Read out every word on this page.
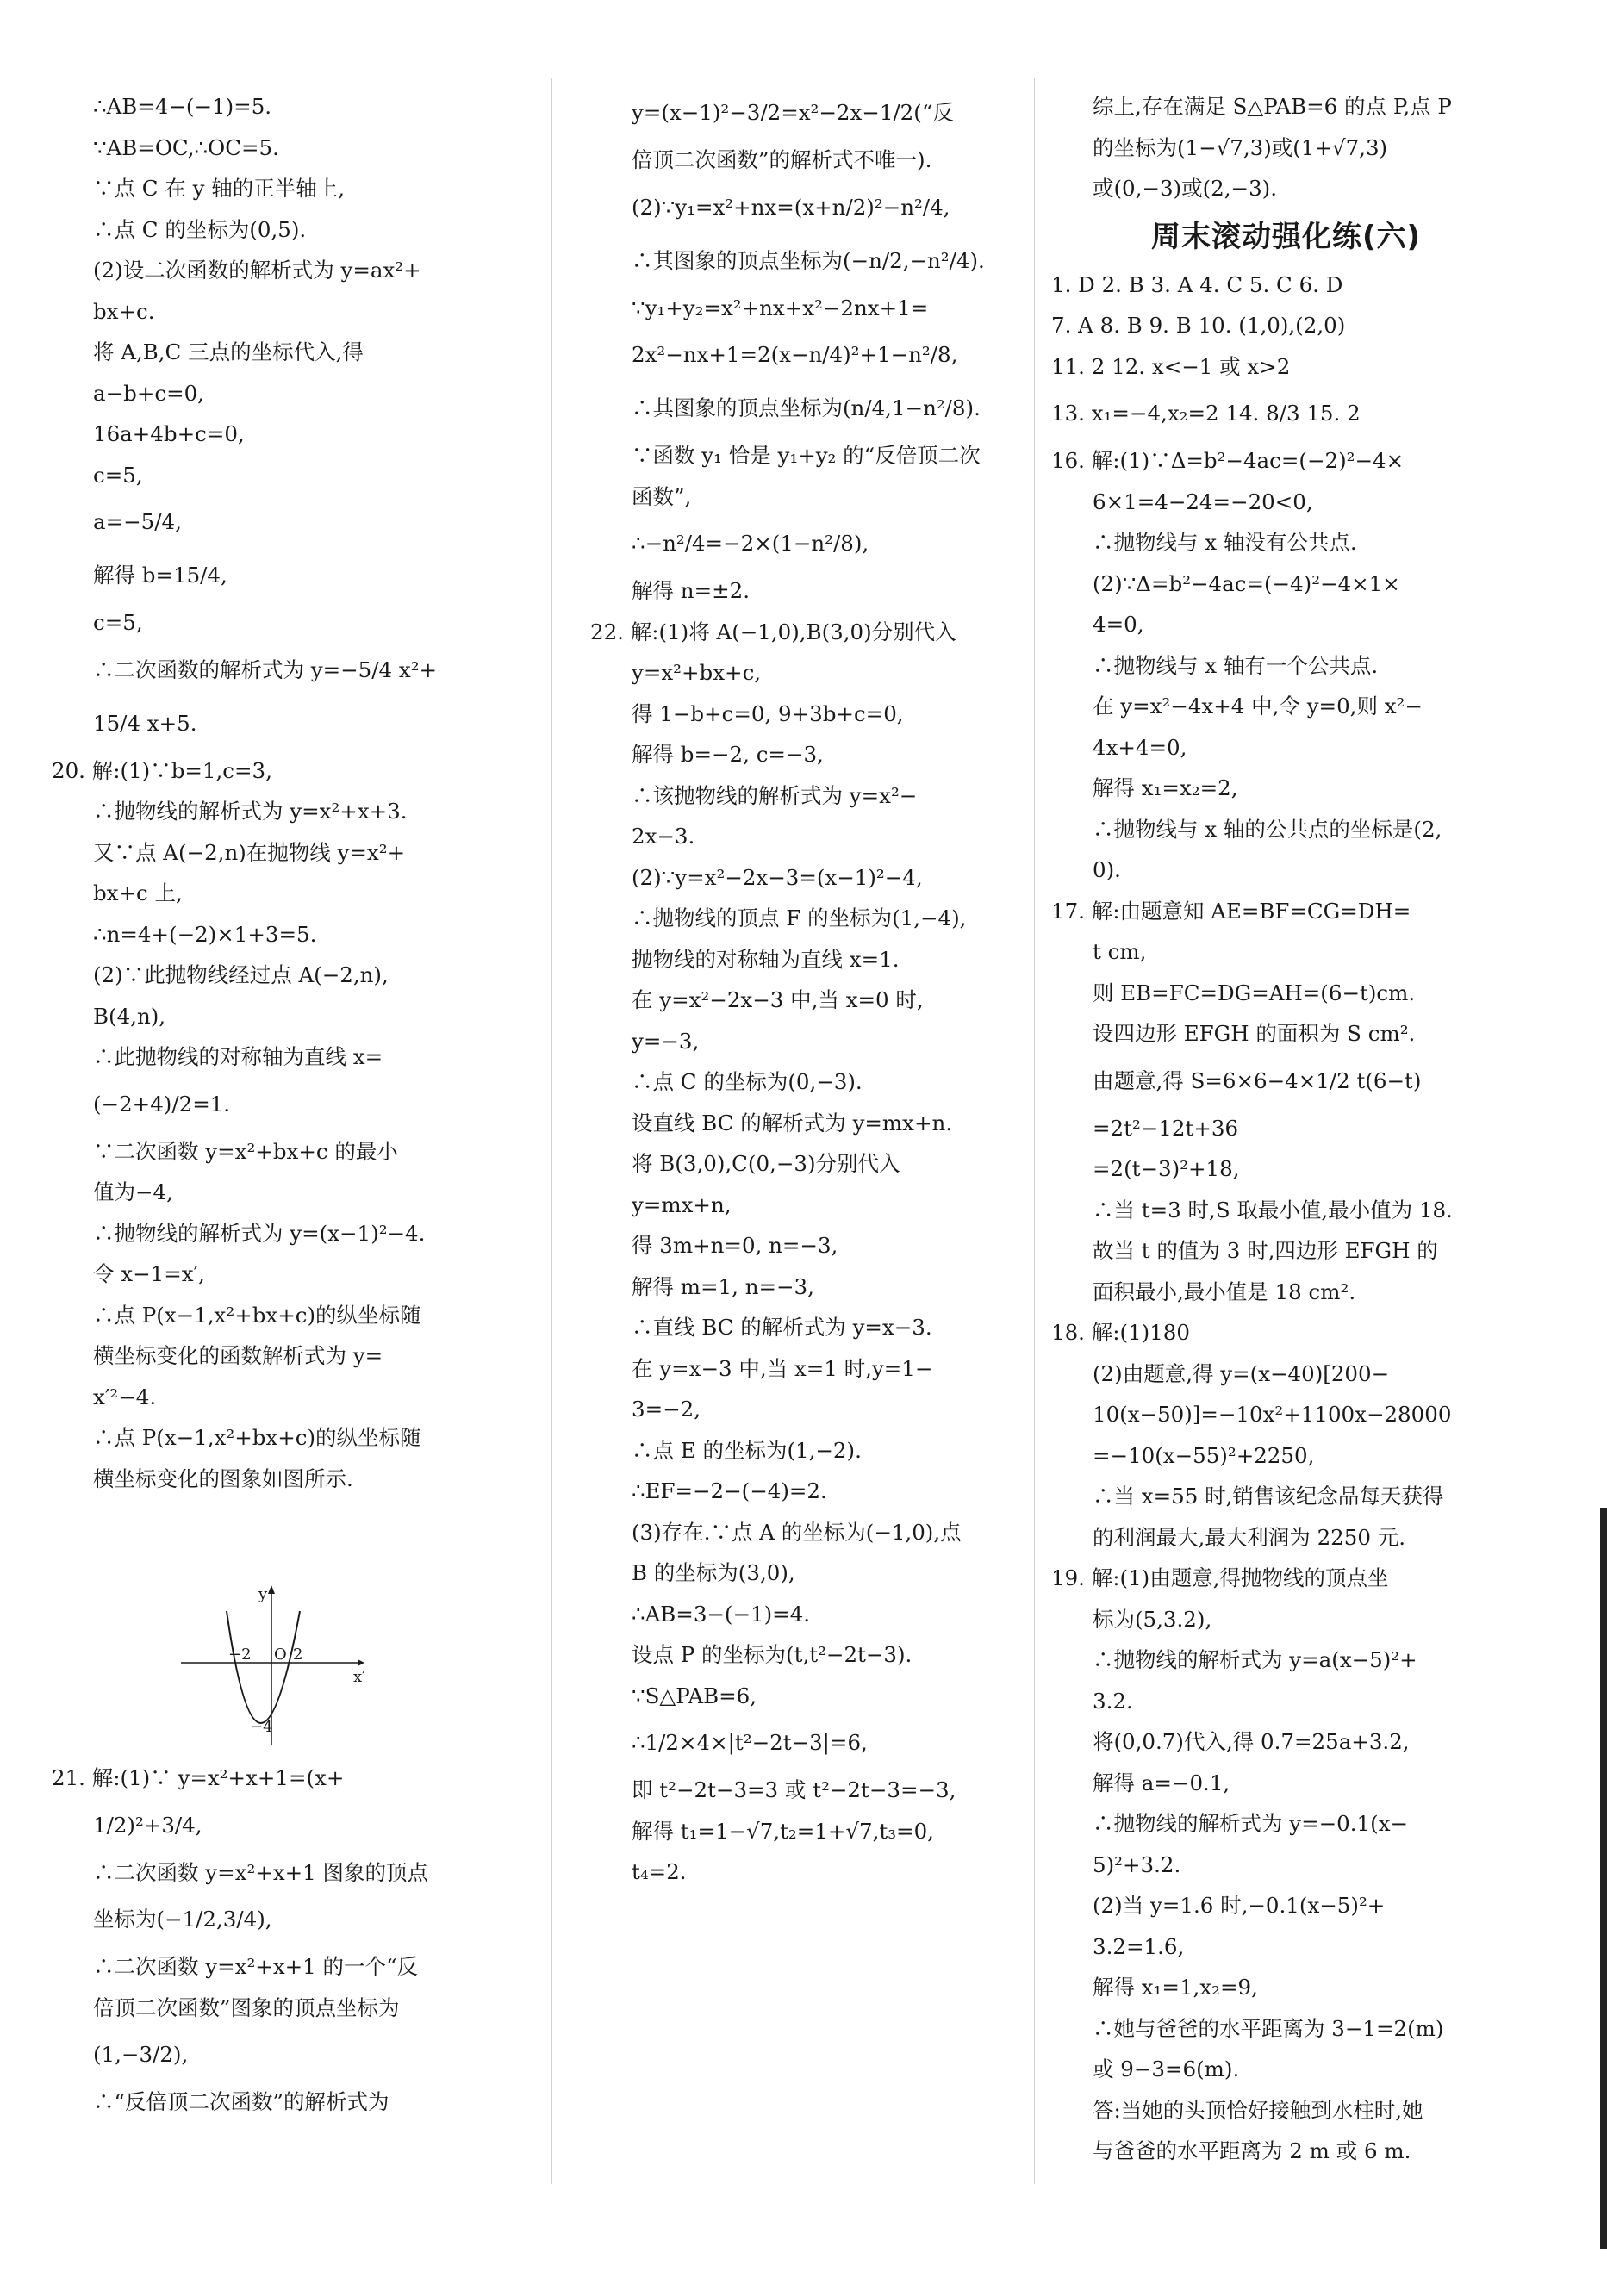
∴AB=4−(−1)=5.
∵AB=OC,∴OC=5.
∵点 C 在 y 轴的正半轴上,
∴点 C 的坐标为(0,5).
(2)设二次函数的解析式为 y=ax²+
bx+c.
将 A,B,C 三点的坐标代入,得
a−b+c=0,
16a+4b+c=0,
c=5,
a=−5/4,
解得 b=15/4,
c=5,
∴二次函数的解析式为 y=−5/4 x²+
15/4 x+5.
20. 解:(1)∵b=1,c=3,
∴抛物线的解析式为 y=x²+x+3.
又∵点 A(−2,n)在抛物线 y=x²+
bx+c 上,
∴n=4+(−2)×1+3=5.
(2)∵此抛物线经过点 A(−2,n),
B(4,n),
∴此抛物线的对称轴为直线 x=
(−2+4)/2=1.
∵二次函数 y=x²+bx+c 的最小
值为−4,
∴抛物线的解析式为 y=(x−1)²−4.
令 x−1=x′,
∴点 P(x−1,x²+bx+c)的纵坐标随
横坐标变化的函数解析式为 y=
x′²−4.
∴点 P(x−1,x²+bx+c)的纵坐标随
横坐标变化的图象如图所示.
y
x′
O
−2	2
−4
21. 解:(1)∵ y=x²+x+1=(x+
1/2)²+3/4,
∴二次函数 y=x²+x+1 图象的顶点
坐标为(−1/2,3/4),
∴二次函数 y=x²+x+1 的一个“反
倍顶二次函数”图象的顶点坐标为
(1,−3/2),
∴“反倍顶二次函数”的解析式为
y=(x−1)²−3/2=x²−2x−1/2(“反
倍顶二次函数”的解析式不唯一).
(2)∵y₁=x²+nx=(x+n/2)²−n²/4,
∴其图象的顶点坐标为(−n/2,−n²/4).
∵y₁+y₂=x²+nx+x²−2nx+1=
2x²−nx+1=2(x−n/4)²+1−n²/8,
∴其图象的顶点坐标为(n/4,1−n²/8).
∵函数 y₁ 恰是 y₁+y₂ 的“反倍顶二次
函数”,
∴−n²/4=−2×(1−n²/8),
解得 n=±2.
22. 解:(1)将 A(−1,0),B(3,0)分别代入
y=x²+bx+c,
得 1−b+c=0, 9+3b+c=0,
解得 b=−2, c=−3,
∴该抛物线的解析式为 y=x²−
2x−3.
(2)∵y=x²−2x−3=(x−1)²−4,
∴抛物线的顶点 F 的坐标为(1,−4),
抛物线的对称轴为直线 x=1.
在 y=x²−2x−3 中,当 x=0 时,
y=−3,
∴点 C 的坐标为(0,−3).
设直线 BC 的解析式为 y=mx+n.
将 B(3,0),C(0,−3)分别代入
y=mx+n,
得 3m+n=0, n=−3,
解得 m=1, n=−3,
∴直线 BC 的解析式为 y=x−3.
在 y=x−3 中,当 x=1 时,y=1−
3=−2,
∴点 E 的坐标为(1,−2).
∴EF=−2−(−4)=2.
(3)存在.∵点 A 的坐标为(−1,0),点
B 的坐标为(3,0),
∴AB=3−(−1)=4.
设点 P 的坐标为(t,t²−2t−3).
∵S△PAB=6,
∴1/2×4×|t²−2t−3|=6,
即 t²−2t−3=3 或 t²−2t−3=−3,
解得 t₁=1−√7,t₂=1+√7,t₃=0,
t₄=2.
综上,存在满足 S△PAB=6 的点 P,点 P
的坐标为(1−√7,3)或(1+√7,3)
或(0,−3)或(2,−3).
周末滚动强化练(六)
1. D 2. B 3. A 4. C 5. C 6. D
7. A 8. B 9. B 10. (1,0),(2,0)
11. 2 12. x<−1 或 x>2
13. x₁=−4,x₂=2 14. 8/3 15. 2
16. 解:(1)∵Δ=b²−4ac=(−2)²−4×
6×1=4−24=−20<0,
∴抛物线与 x 轴没有公共点.
(2)∵Δ=b²−4ac=(−4)²−4×1×
4=0,
∴抛物线与 x 轴有一个公共点.
在 y=x²−4x+4 中,令 y=0,则 x²−
4x+4=0,
解得 x₁=x₂=2,
∴抛物线与 x 轴的公共点的坐标是(2,
0).
17. 解:由题意知 AE=BF=CG=DH=
t cm,
则 EB=FC=DG=AH=(6−t)cm.
设四边形 EFGH 的面积为 S cm².
由题意,得 S=6×6−4×1/2 t(6−t)
=2t²−12t+36
=2(t−3)²+18,
∴当 t=3 时,S 取最小值,最小值为 18.
故当 t 的值为 3 时,四边形 EFGH 的
面积最小,最小值是 18 cm².
18. 解:(1)180
(2)由题意,得 y=(x−40)[200−
10(x−50)]=−10x²+1100x−28000
=−10(x−55)²+2250,
∴当 x=55 时,销售该纪念品每天获得
的利润最大,最大利润为 2250 元.
19. 解:(1)由题意,得抛物线的顶点坐
标为(5,3.2),
∴抛物线的解析式为 y=a(x−5)²+
3.2.
将(0,0.7)代入,得 0.7=25a+3.2,
解得 a=−0.1,
∴抛物线的解析式为 y=−0.1(x−
5)²+3.2.
(2)当 y=1.6 时,−0.1(x−5)²+
3.2=1.6,
解得 x₁=1,x₂=9,
∴她与爸爸的水平距离为 3−1=2(m)
或 9−3=6(m).
答:当她的头顶恰好接触到水柱时,她
与爸爸的水平距离为 2 m 或 6 m.
